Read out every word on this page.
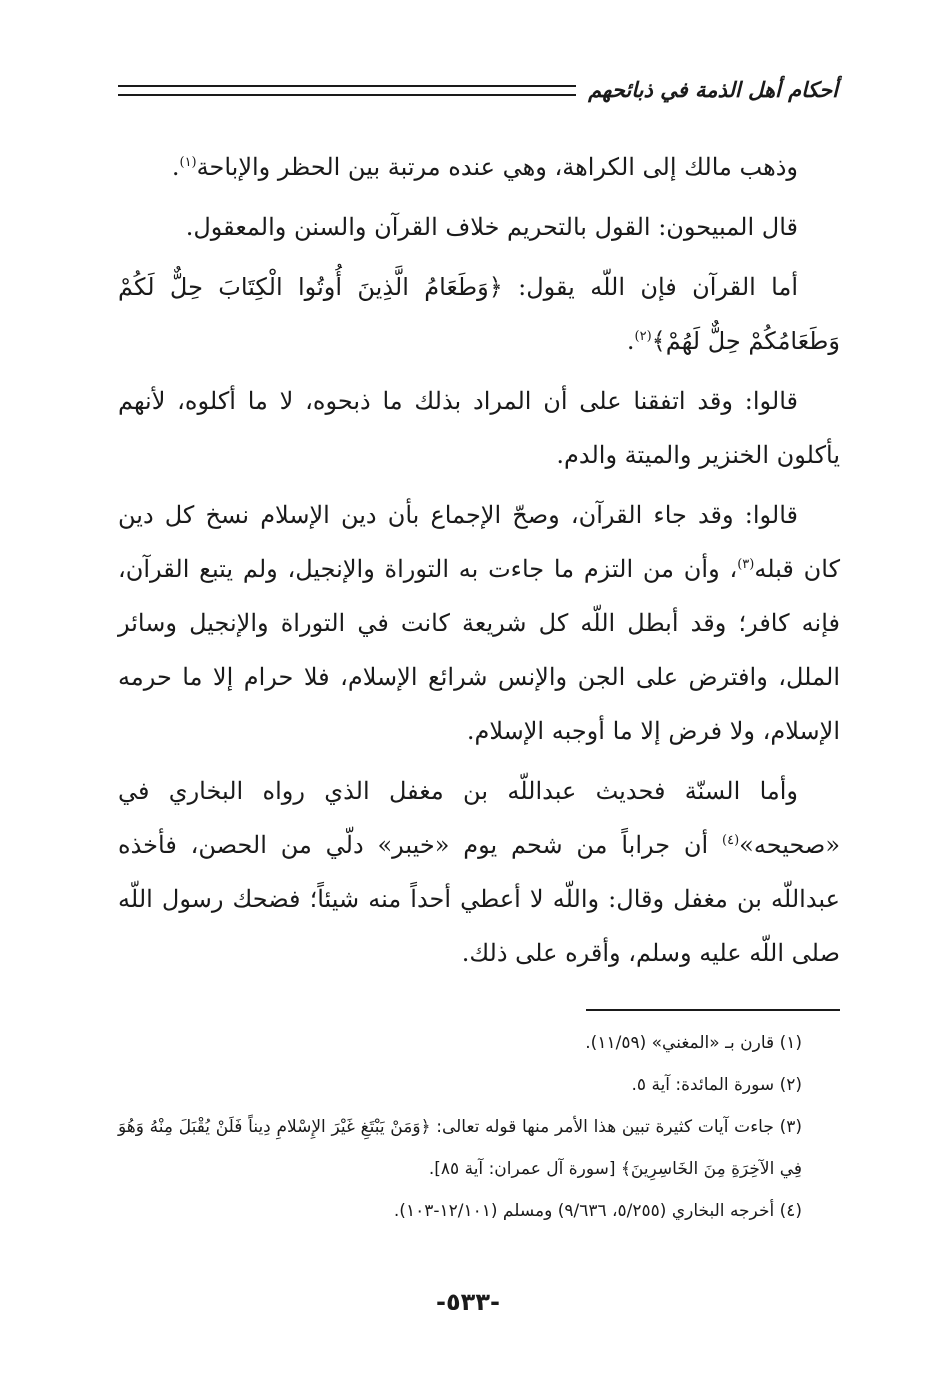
أحكام أهل الذمة في ذبائحهم

وذهب مالك إلى الكراهة، وهي عنده مرتبة بين الحظر والإباحة$^{(١)}$.

قال المبيحون: القول بالتحريم خلاف القرآن والسنن والمعقول.

أما القرآن فإن اللّه يقول: ﴿وَطَعَامُ الَّذِينَ أُوتُوا الْكِتَابَ حِلٌّ لَكُمْ وَطَعَامُكُمْ حِلٌّ لَهُمْ﴾$^{(٢)}$.

قالوا: وقد اتفقنا على أن المراد بذلك ما ذبحوه، لا ما أكلوه، لأنهم يأكلون الخنزير والميتة والدم.

قالوا: وقد جاء القرآن، وصحّ الإجماع بأن دين الإسلام نسخ كل دين كان قبله$^{(٣)}$، وأن من التزم ما جاءت به التوراة والإنجيل، ولم يتبع القرآن، فإنه كافر؛ وقد أبطل اللّه كل شريعة كانت في التوراة والإنجيل وسائر الملل، وافترض على الجن والإنس شرائع الإسلام، فلا حرام إلا ما حرمه الإسلام، ولا فرض إلا ما أوجبه الإسلام.

وأما السنّة فحديث عبداللّه بن مغفل الذي رواه البخاري في «صحيحه»$^{(٤)}$ أن جراباً من شحم يوم «خيبر» دلّي من الحصن، فأخذه عبداللّه بن مغفل وقال: واللّه لا أعطي أحداً منه شيئاً؛ فضحك رسول اللّه صلى اللّه عليه وسلم، وأقره على ذلك.

(١) قارن بـ «المغني» (١١/٥٩).

(٢) سورة المائدة: آية ٥.

(٣) جاءت آيات كثيرة تبين هذا الأمر منها قوله تعالى: ﴿وَمَنْ يَبْتَغِ غَيْرَ الإِسْلامِ دِيناً فَلَنْ يُقْبَلَ مِنْهُ وَهُوَ فِي الآخِرَةِ مِنَ الخَاسِرِينَ﴾ [سورة آل عمران: آية ٨٥].

(٤) أخرجه البخاري (٥/٢٥٥، ٩/٦٣٦) ومسلم (١٢/١٠١-١٠٣).

-٥٣٣-
